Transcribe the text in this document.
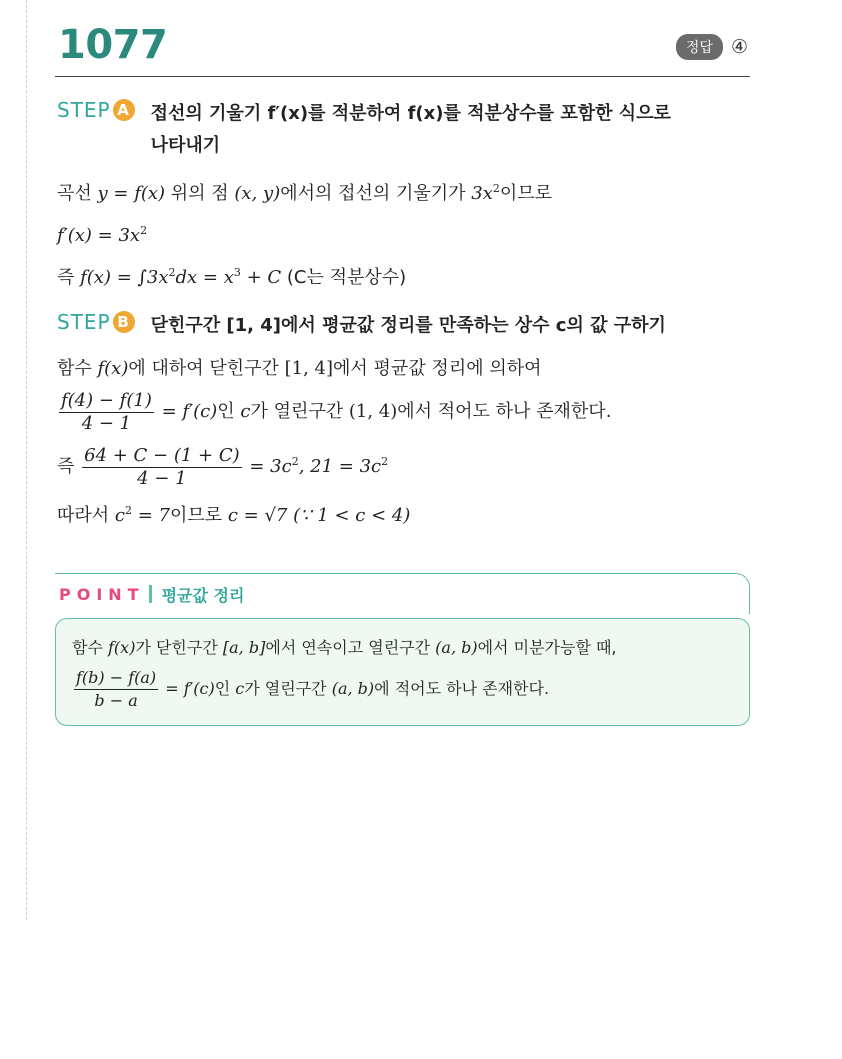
1077	정답 ④
STEP A 접선의 기울기 f′(x)를 적분하여 f(x)를 적분상수를 포함한 식으로
나타내기
곡선 y = f(x) 위의 점 (x, y)에서의 접선의 기울기가 $3x^2$이므로
$f'(x) = 3x^2$
즉 $f(x) = \int 3x^2dx = x^3 + C$ (C는 적분상수)
STEP B 닫힌구간 [1, 4]에서 평균값 정리를 만족하는 상수 c의 값 구하기
함수 f(x)에 대하여 닫힌구간 [1, 4]에서 평균값 정리에 의하여
$\frac{f(4) - f(1)}{4 - 1} = f'(c)$인 c가 열린구간 (1, 4)에서 적어도 하나 존재한다.
즉 $\frac{64 + C - (1 + C)}{4 - 1} = 3c^2$, $21 = 3c^2$
따라서 $c^2 = 7$이므로 c = √7 (∵ 1 < c < 4)
POINT 평균값 정리
함수 f(x)가 닫힌구간 [a, b]에서 연속이고 열린구간 (a, b)에서 미분가능할 때,
$\frac{f(b) - f(a)}{b - a} = f'(c)$인 c가 열린구간 (a, b)에 적어도 하나 존재한다.
